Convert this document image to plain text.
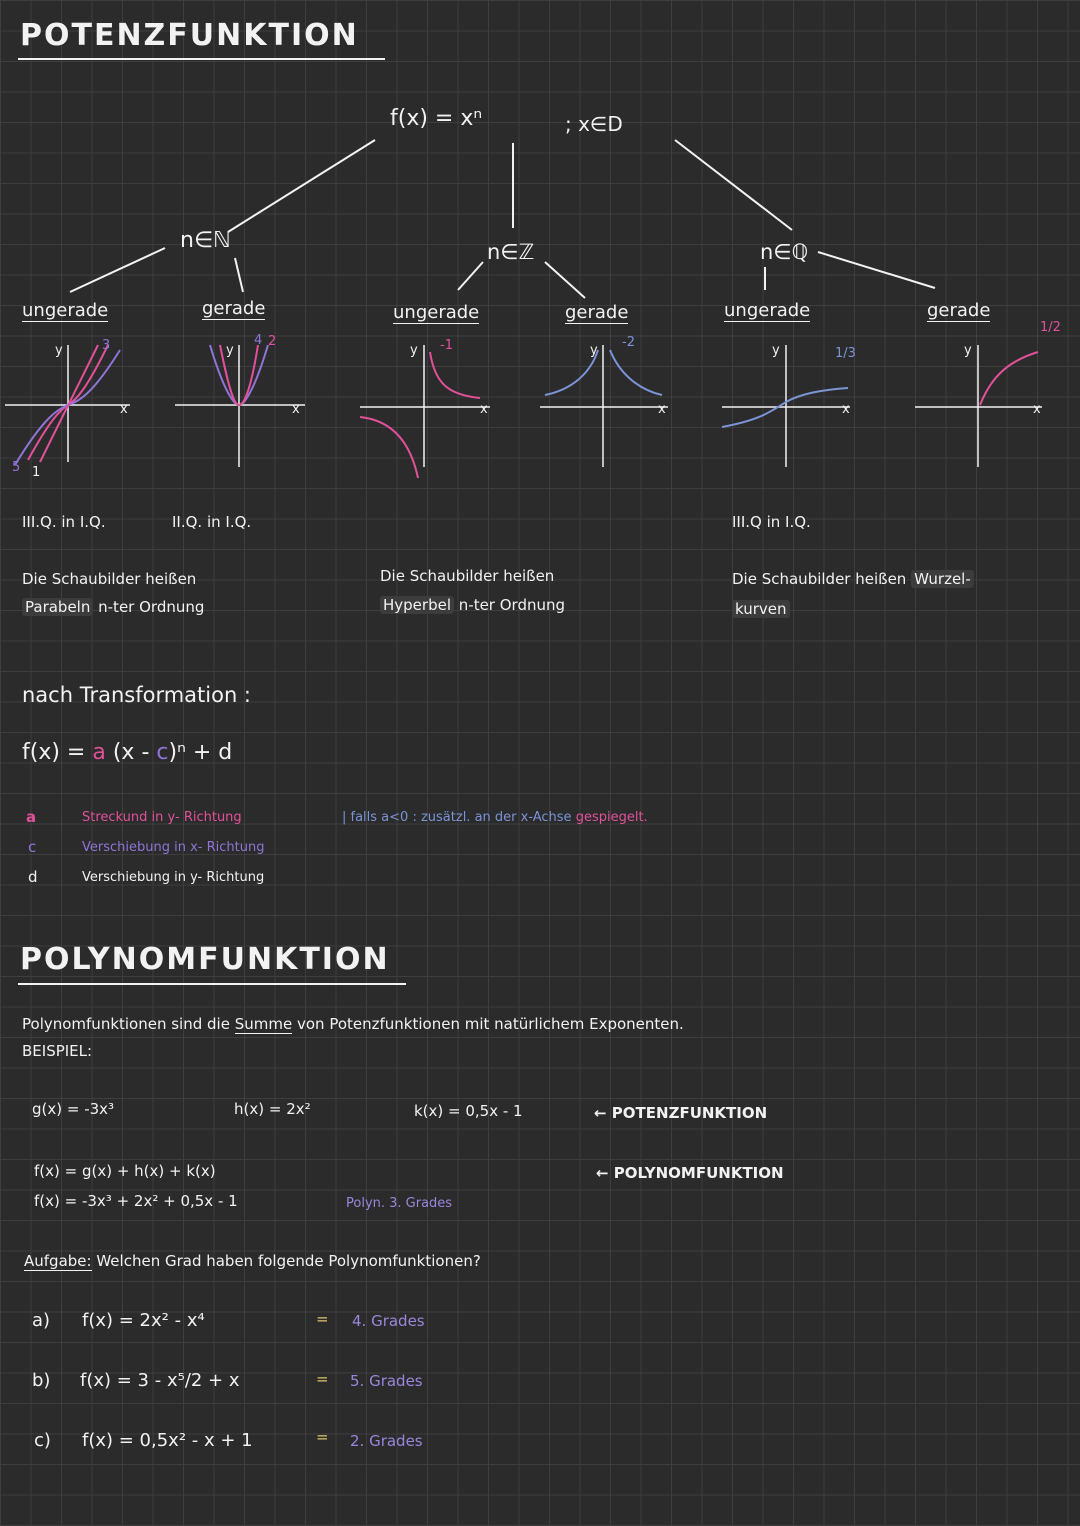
POTENZFUNKTION
f(x) = xⁿ	; x∈D
n∈ℕ	n∈ℤ	n∈ℚ
ungerade	gerade	ungerade	gerade	ungerade	gerade
y
x
3
5 1
y
x
4 2
y
x
-1	y
x
-2
y
x
1/3	y
x
1/2
III.Q. in I.Q.	II.Q. in I.Q.	III.Q in I.Q.
Die Schaubilder heißen
Parabeln n-ter Ordnung
Die Schaubilder heißen
Hyperbel n-ter Ordnung
Die Schaubilder heißen Wurzel-
kurven
nach Transformation :
f(x) = a (x - c)ⁿ + d
a	Streckund in y- Richtung
c	Verschiebung in x- Richtung
d	Verschiebung in y- Richtung
| falls a<0 : zusätzl. an der x-Achse gespiegelt.
POLYNOMFUNKTION
Polynomfunktionen sind die Summe von Potenzfunktionen mit natürlichem Exponenten.
BEISPIEL:
g(x) = -3x³	h(x) = 2x²	k(x) = 0,5x - 1	← POTENZFUNKTION
f(x) = g(x) + h(x) + k(x)	← POLYNOMFUNKTION
f(x) = -3x³ + 2x² + 0,5x - 1	Polyn. 3. Grades
Aufgabe: Welchen Grad haben folgende Polynomfunktionen?
a) f(x) = 2x² - x⁴	= 4. Grades
b) f(x) = 3 - x⁵/2 + x	= 5. Grades
c) f(x) = 0,5x² - x + 1	= 2. Grades
